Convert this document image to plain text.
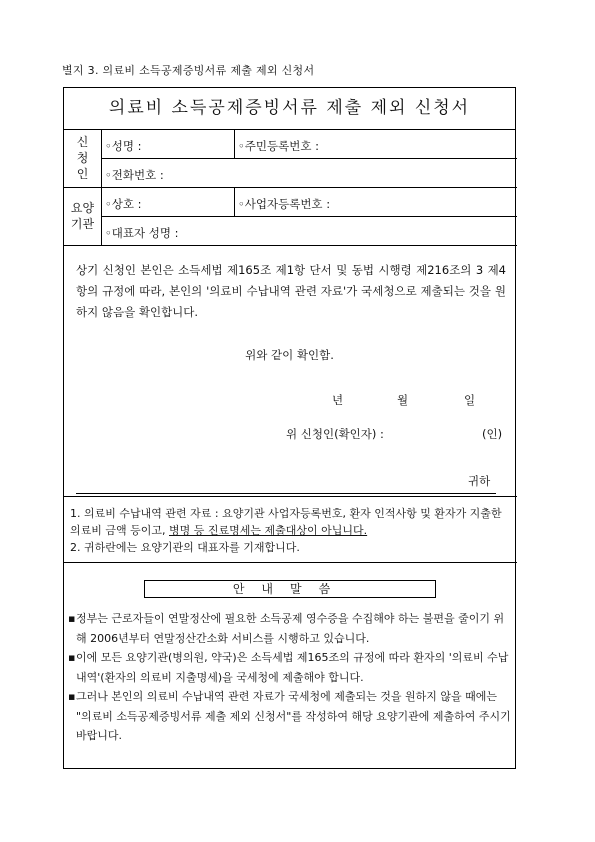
별지 3. 의료비 소득공제증빙서류 제출 제외 신청서
의료비 소득공제증빙서류 제출 제외 신청서
신
청
인
◦성명 :	◦주민등록번호 :
◦전화번호 :
요양
기관
◦상호 :	◦사업자등록번호 :
◦대표자 성명 :
상기 신청인 본인은 소득세법 제165조 제1항 단서 및 동법 시행령 제216조의 3 제4항의 규정에 따라, 본인의 '의료비 수납내역 관련 자료'가 국세청으로 제출되는 것을 원하지 않음을 확인합니다.
위와 같이 확인함.
년	월	일
위 신청인(확인자) :	(인)
귀하
1. 의료비 수납내역 관련 자료 : 요양기관 사업자등록번호, 환자 인적사항 및 환자가 지출한 의료비 금액 등이고, 병명 등 진료명세는 제출대상이 아닙니다.
2. 귀하란에는 요양기관의 대표자를 기재합니다.
안내말씀
▪ 정부는 근로자들이 연말정산에 필요한 소득공제 영수증을 수집해야 하는 불편을 줄이기 위해 2006년부터 연말정산간소화 서비스를 시행하고 있습니다.
▪ 이에 모든 요양기관(병의원, 약국)은 소득세법 제165조의 규정에 따라 환자의 '의료비 수납내역'(환자의 의료비 지출명세)을 국세청에 제출해야 합니다.
▪ 그러나 본인의 의료비 수납내역 관련 자료가 국세청에 제출되는 것을 원하지 않을 때에는 "의료비 소득공제증빙서류 제출 제외 신청서"를 작성하여 해당 요양기관에 제출하여 주시기 바랍니다.
